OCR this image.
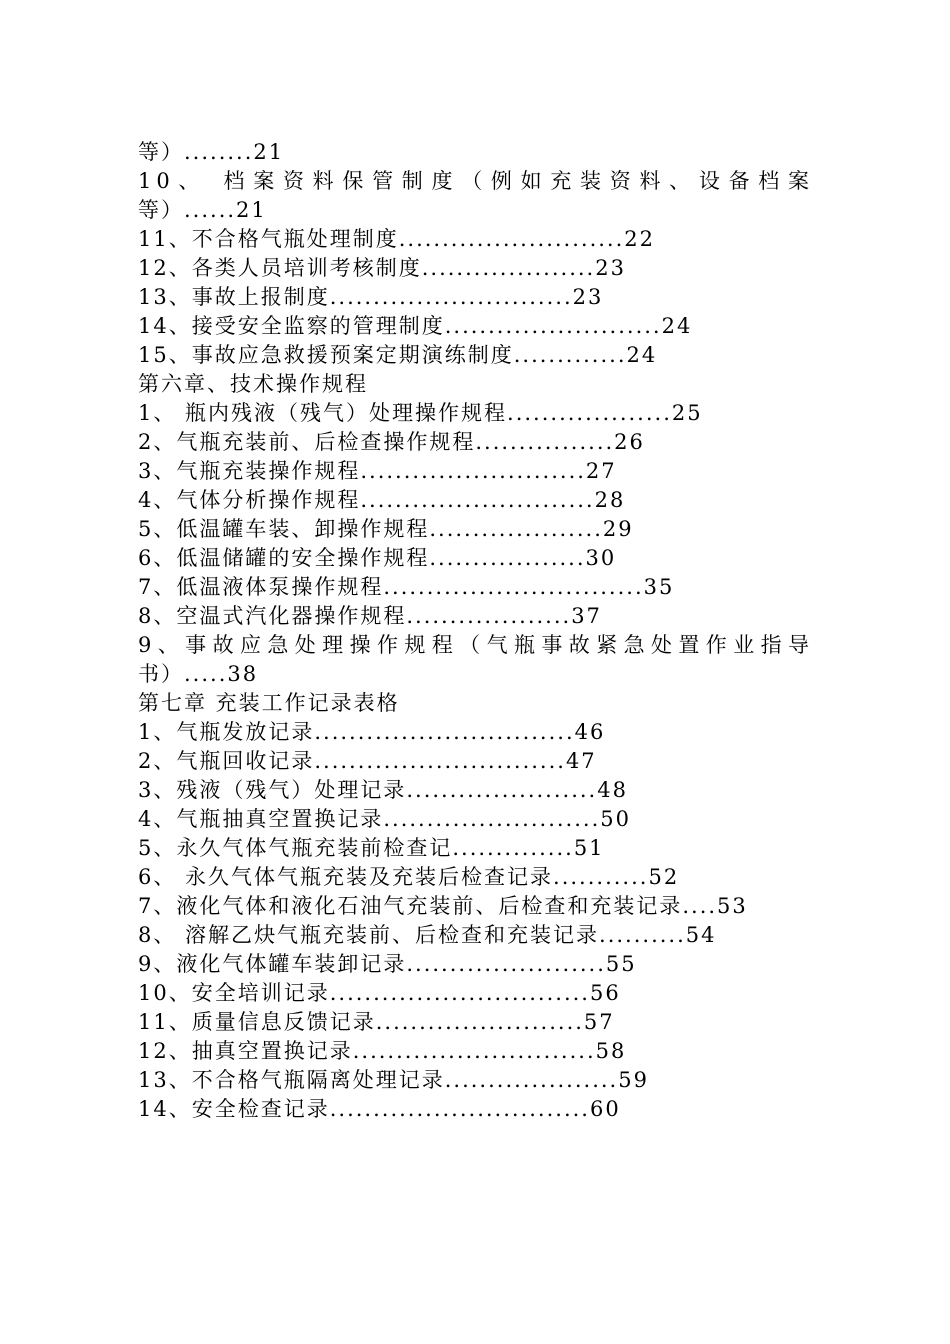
等）........21
10、 档案资料保管制度（例如充装资料、设备档案
等）......21
11、不合格气瓶处理制度..........................22
12、各类人员培训考核制度....................23
13、事故上报制度............................23
14、接受安全监察的管理制度.........................24
15、事故应急救援预案定期演练制度.............24
第六章、技术操作规程
1、 瓶内残液（残气）处理操作规程...................25
2、气瓶充装前、后检查操作规程................26
3、气瓶充装操作规程..........................27
4、气体分析操作规程...........................28
5、低温罐车装、卸操作规程....................29
6、低温储罐的安全操作规程..................30
7、低温液体泵操作规程..............................35
8、空温式汽化器操作规程...................37
9、事故应急处理操作规程（气瓶事故紧急处置作业指导
书）.....38
第七章 充装工作记录表格
1、气瓶发放记录..............................46
2、气瓶回收记录.............................47
3、残液（残气）处理记录......................48
4、气瓶抽真空置换记录.........................50
5、永久气体气瓶充装前检查记..............51
6、 永久气体气瓶充装及充装后检查记录...........52
7、液化气体和液化石油气充装前、后检查和充装记录....53
8、 溶解乙炔气瓶充装前、后检查和充装记录..........54
9、液化气体罐车装卸记录.......................55
10、安全培训记录..............................56
11、质量信息反馈记录........................57
12、抽真空置换记录............................58
13、不合格气瓶隔离处理记录....................59
14、安全检查记录..............................60
